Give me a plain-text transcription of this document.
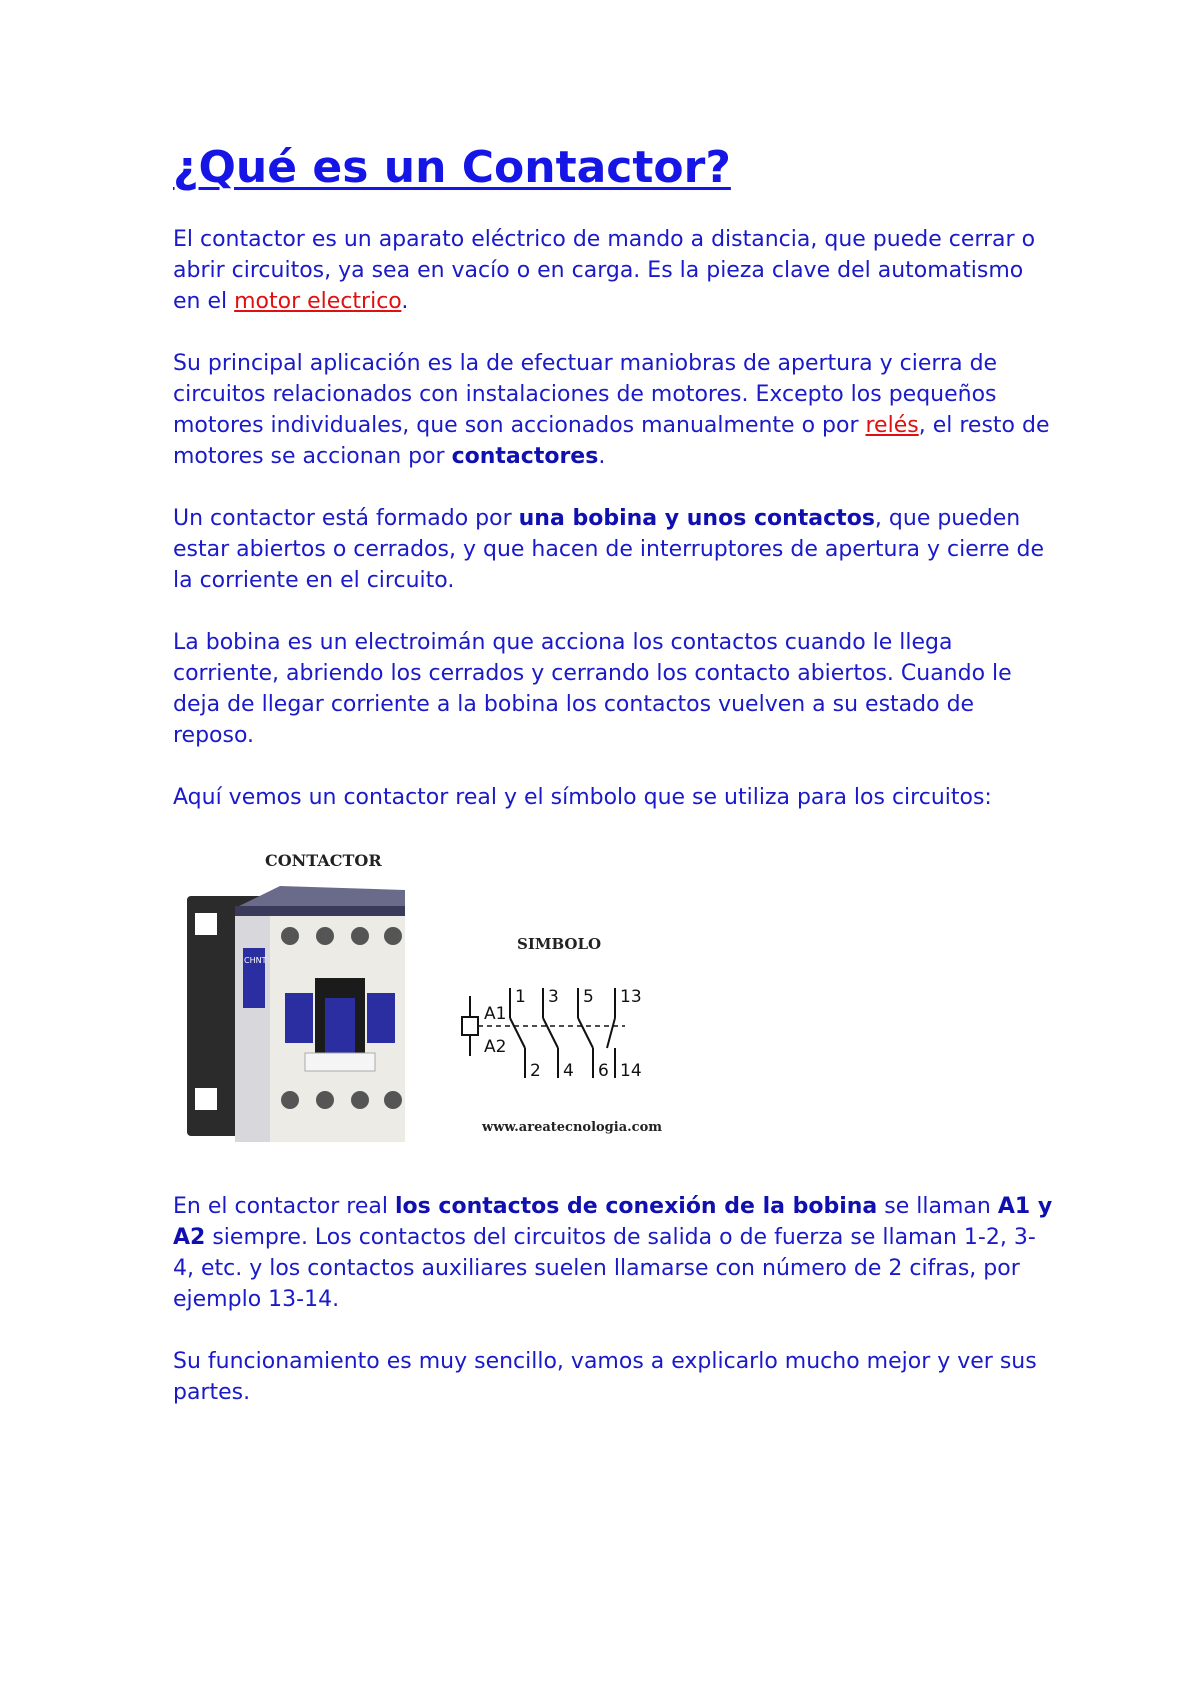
¿Qué es un Contactor?

El contactor es un aparato eléctrico de mando a distancia, que puede cerrar o abrir circuitos, ya sea en vacío o en carga. Es la pieza clave del automatismo en el motor electrico.

Su principal aplicación es la de efectuar maniobras de apertura y cierra de circuitos relacionados con instalaciones de motores. Excepto los pequeños motores individuales, que son accionados manualmente o por relés, el resto de motores se accionan por contactores.

Un contactor está formado por una bobina y unos contactos, que pueden estar abiertos o cerrados, y que hacen de interruptores de apertura y cierre de la corriente en el circuito.

La bobina es un electroimán que acciona los contactos cuando le llega corriente, abriendo los cerrados y cerrando los contacto abiertos. Cuando le deja de llegar corriente a la bobina los contactos vuelven a su estado de reposo.

Aquí vemos un contactor real y el símbolo que se utiliza para los circuitos:

CONTACTOR
CHNT
SIMBOLO
A1
A2
1 3 5 13
2 4 6 14
www.areatecnologia.com

En el contactor real los contactos de conexión de la bobina se llaman A1 y A2 siempre. Los contactos del circuitos de salida o de fuerza se llaman 1-2, 3-4, etc. y los contactos auxiliares suelen llamarse con número de 2 cifras, por ejemplo 13-14.

Su funcionamiento es muy sencillo, vamos a explicarlo mucho mejor y ver sus partes.
